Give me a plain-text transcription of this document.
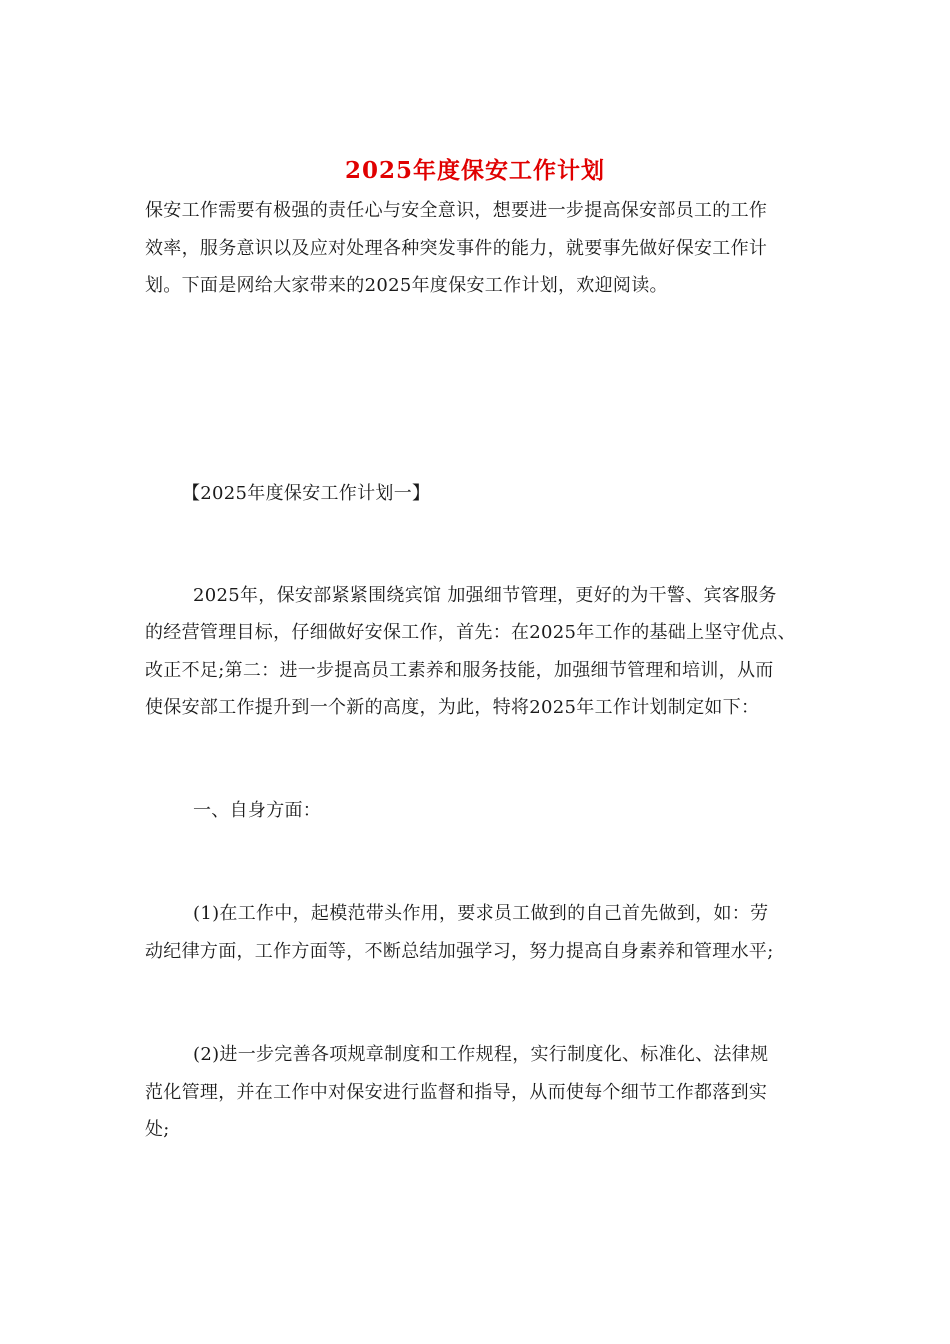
2025年度保安工作计划

保安工作需要有极强的责任心与安全意识，想要进一步提高保安部员工的工作

效率，服务意识以及应对处理各种突发事件的能力，就要事先做好保安工作计

划。下面是网给大家带来的2025年度保安工作计划，欢迎阅读。

【2025年度保安工作计划一】

2025年，保安部紧紧围绕宾馆 加强细节管理，更好的为干警、宾客服务

的经营管理目标，仔细做好安保工作，首先：在2025年工作的基础上坚守优点、

改正不足;第二：进一步提高员工素养和服务技能，加强细节管理和培训，从而

使保安部工作提升到一个新的高度，为此，特将2025年工作计划制定如下：

一、自身方面：

(1)在工作中，起模范带头作用，要求员工做到的自己首先做到，如：劳

动纪律方面，工作方面等，不断总结加强学习，努力提高自身素养和管理水平;

(2)进一步完善各项规章制度和工作规程，实行制度化、标准化、法律规

范化管理，并在工作中对保安进行监督和指导，从而使每个细节工作都落到实

处;
